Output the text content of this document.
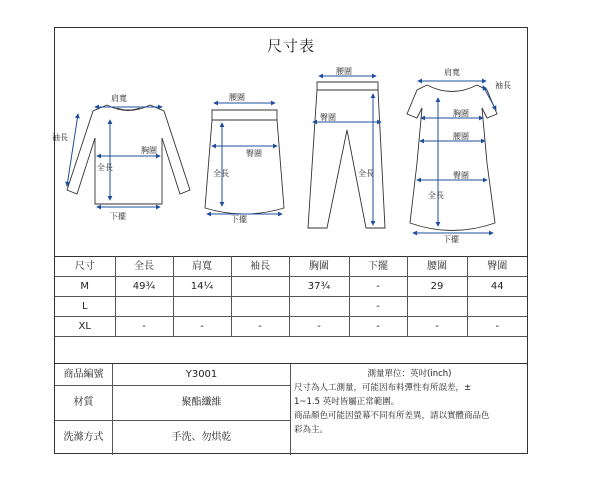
尺寸表
肩寬
袖長
胸圍
全長
下擺
腰圍
臀圍
全長
下擺
腰圍
臀圍
全長
肩寬
袖長
胸圍
腰圍
臀圍
全長
下擺
尺寸	全長	肩寬	袖長	胸圍	下擺	腰圍	臀圍
M	49¾	14¼		37¾	-	29	44
L					-		
XL	-	-	-	-	-	-	-
商品編號	Y3001
材質	聚酯纖維
洗滌方式	手洗、勿烘乾
測量單位：英吋(inch)
尺寸為人工測量，可能因布料彈性有所誤差，±
1~1.5 英吋皆屬正常範圍。
商品顏色可能因螢幕不同有所差異，請以實體商品色
彩為主。
